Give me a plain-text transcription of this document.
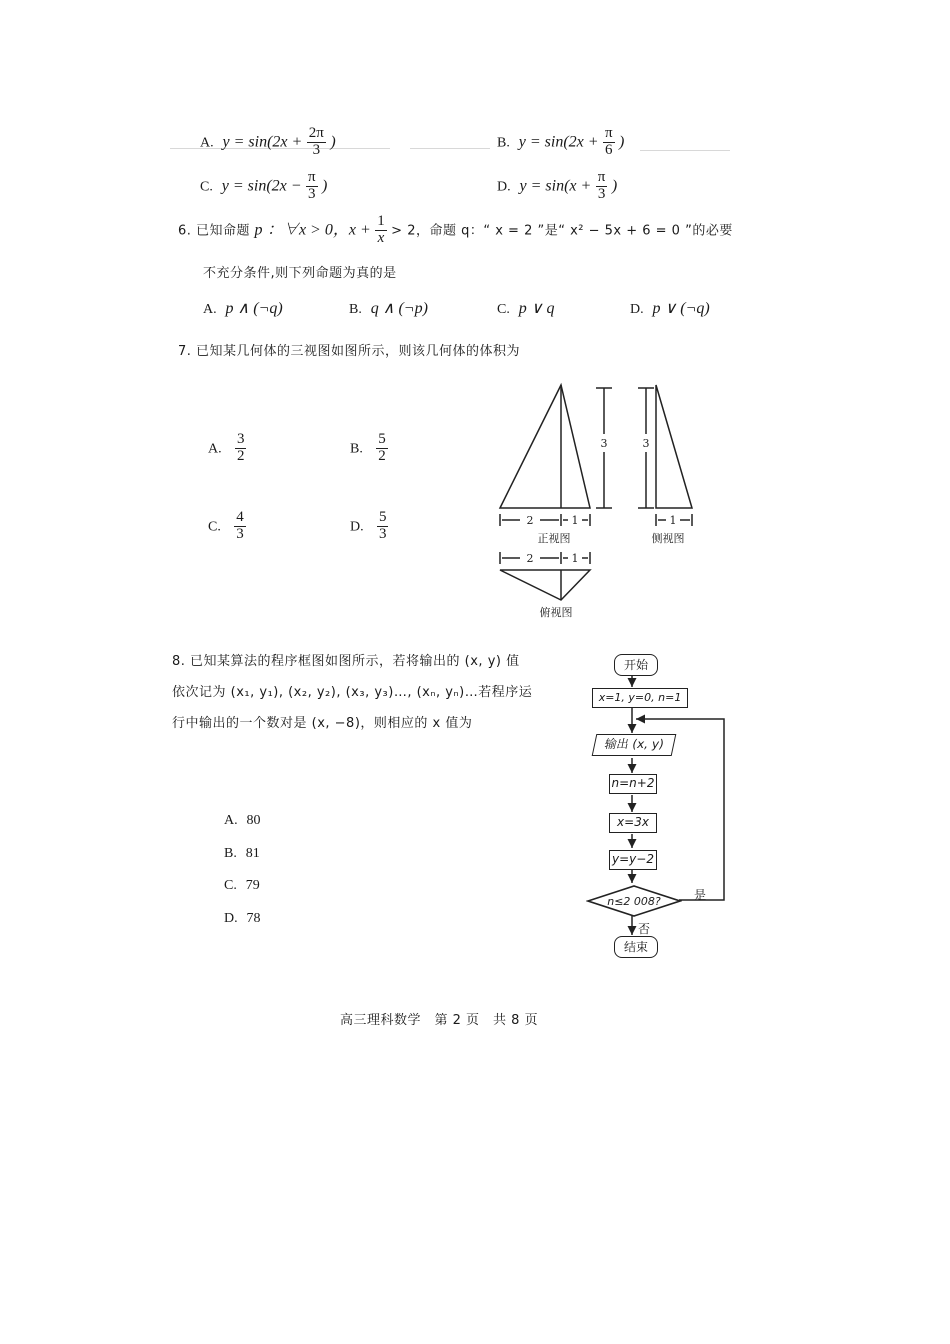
A. $y = \sin(2x + \frac{2\pi}{3}$ )	B. $y = \sin(2x + \frac{\pi}{6}$ )
C. $y = \sin(2x - \frac{\pi}{3}$ )	D. $y = \sin(x + \frac{\pi}{3}$ )
6. 已知命题 p ：∀x > 0，$x + \frac{1}{x} > 2$，命题 q：“ x = 2 ”是“ x² − 5x + 6 = 0 ”的必要
不充分条件,则下列命题为真的是
A. p ∧ (¬q)	B. q ∧ (¬p)	C. p ∨ q	D. p ∨ (¬q)
7. 已知某几何体的三视图如图所示，则该几何体的体积为
A. $\frac{3}{2}$	B. $\frac{5}{2}$
C. $\frac{4}{3}$	D. $\frac{5}{3}$
3	3
2	1	1
2	1
正视图	侧视图
俯视图
8. 已知某算法的程序框图如图所示，若将输出的 (x, y) 值
依次记为 (x₁, y₁), (x₂, y₂), (x₃, y₃)…, (xₙ, yₙ)…若程序运
行中输出的一个数对是 (x, −8)，则相应的 x 值为
A. 80
B. 81
C. 79
D. 78
开始
x=1, y=0, n=1
输出 (x, y)
n=n+2
x=3x
y=y−2
n≤2 008?	是
否
结束
高三理科数学　第 2 页　共 8 页
